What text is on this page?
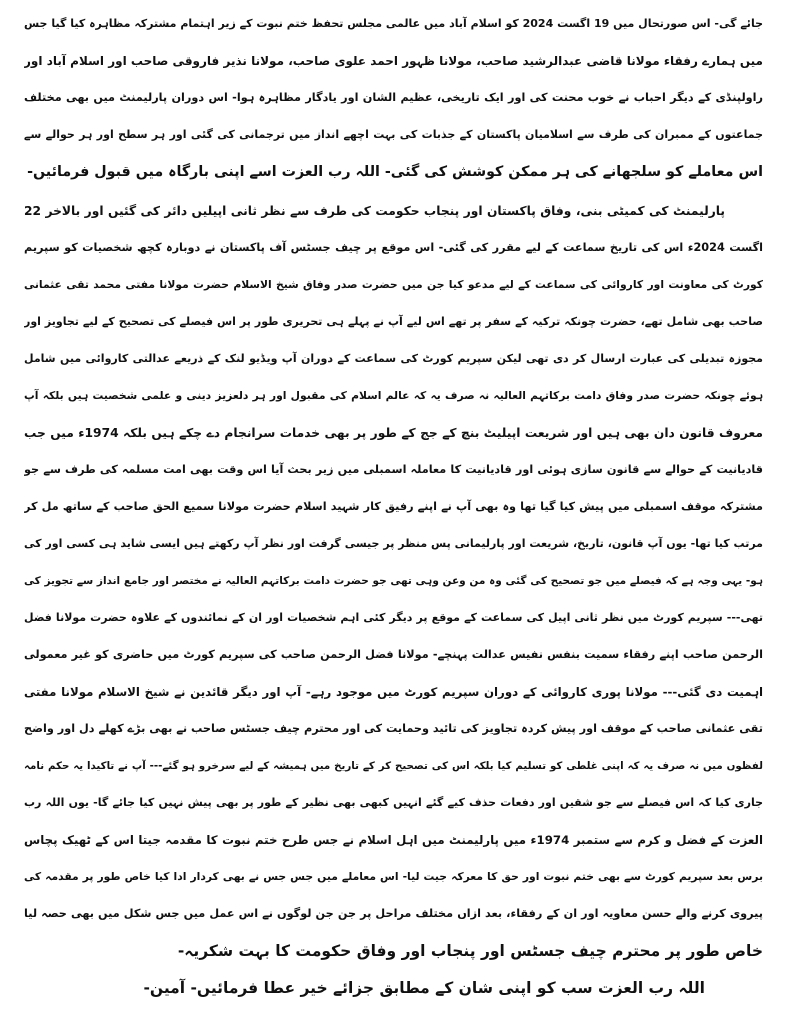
جائے گی- اس صورتحال میں 19 اگست 2024 کو اسلام آباد میں عالمی مجلس تحفظ ختم نبوت کے زیر اہتمام مشترکہ مظاہرہ کیا گیا جس
میں ہمارے رفقاء مولانا قاضی عبدالرشید صاحب، مولانا ظہور احمد علوی صاحب، مولانا نذیر فاروقی صاحب اور اسلام آباد اور
راولپنڈی کے دیگر احباب نے خوب محنت کی اور ایک تاریخی، عظیم الشان اور یادگار مظاہرہ ہوا- اس دوران پارلیمنٹ میں بھی مختلف
جماعتوں کے ممبران کی طرف سے اسلامیان پاکستان کے جذبات کی بہت اچھے انداز میں ترجمانی کی گئی اور ہر سطح اور ہر حوالے سے
اس معاملے کو سلجھانے کی ہر ممکن کوشش کی گئی- اللہ رب العزت اسے اپنی بارگاہ میں قبول فرمائیں-
پارلیمنٹ کی کمیٹی بنی، وفاق پاکستان اور پنجاب حکومت کی طرف سے نظر ثانی اپیلیں دائر کی گئیں اور بالاخر 22
اگست 2024ء اس کی تاریخ سماعت کے لیے مقرر کی گئی- اس موقع پر چیف جسٹس آف پاکستان نے دوبارہ کچھ شخصیات کو سپریم
کورٹ کی معاونت اور کاروائی کی سماعت کے لیے مدعو کیا جن میں حضرت صدر وفاق شیخ الاسلام حضرت مولانا مفتی محمد تقی عثمانی
صاحب بھی شامل تھے، حضرت چونکہ ترکیہ کے سفر پر تھے اس لیے آپ نے پہلے ہی تحریری طور پر اس فیصلے کی تصحیح کے لیے تجاویز اور
مجوزہ تبدیلی کی عبارت ارسال کر دی تھی لیکن سپریم کورٹ کی سماعت کے دوران آپ ویڈیو لنک کے ذریعے عدالتی کاروائی میں شامل
ہوئے چونکہ حضرت صدر وفاق دامت برکاتہم العالیہ نہ صرف یہ کہ عالم اسلام کی مقبول اور ہر دلعزیز دینی و علمی شخصیت ہیں بلکہ آپ
معروف قانون دان بھی ہیں اور شریعت اپیلیٹ بنچ کے جج کے طور پر بھی خدمات سرانجام دے چکے ہیں بلکہ 1974ء میں جب
قادیانیت کے حوالے سے قانون سازی ہوئی اور قادیانیت کا معاملہ اسمبلی میں زیر بحث آیا اس وقت بھی امت مسلمہ کی طرف سے جو
مشترکہ موقف اسمبلی میں پیش کیا گیا تھا وہ بھی آپ نے اپنے رفیق کار شہید اسلام حضرت مولانا سمیع الحق صاحب کے ساتھ مل کر
مرتب کیا تھا- یوں آپ قانون، تاریخ، شریعت اور پارلیمانی پس منظر پر جیسی گرفت اور نظر آپ رکھتے ہیں ایسی شاید ہی کسی اور کی
ہو- یہی وجہ ہے کہ فیصلے میں جو تصحیح کی گئی وہ من وعن وہی تھی جو حضرت دامت برکاتہم العالیہ نے مختصر اور جامع انداز سے تجویز کی
تھی--- سپریم کورٹ میں نظر ثانی اپیل کی سماعت کے موقع پر دیگر کئی اہم شخصیات اور ان کے نمائندوں کے علاوہ حضرت مولانا فضل
الرحمن صاحب اپنے رفقاء سمیت بنفس نفیس عدالت پہنچے- مولانا فضل الرحمن صاحب کی سپریم کورٹ میں حاضری کو غیر معمولی
اہمیت دی گئی--- مولانا پوری کاروائی کے دوران سپریم کورٹ میں موجود رہے- آپ اور دیگر قائدین نے شیخ الاسلام مولانا مفتی
تقی عثمانی صاحب کے موقف اور پیش کردہ تجاویز کی تائید وحمایت کی اور محترم چیف جسٹس صاحب نے بھی بڑے کھلے دل اور واضح
لفظوں میں نہ صرف یہ کہ اپنی غلطی کو تسلیم کیا بلکہ اس کی تصحیح کر کے تاریخ میں ہمیشہ کے لیے سرخرو ہو گئے--- آپ نے تاکیدا یہ حکم نامہ
جاری کیا کہ اس فیصلے سے جو شقیں اور دفعات حذف کیے گئے انہیں کبھی بھی نظیر کے طور پر بھی پیش نہیں کیا جائے گا- یوں اللہ رب
العزت کے فضل و کرم سے ستمبر 1974ء میں پارلیمنٹ میں اہل اسلام نے جس طرح ختم نبوت کا مقدمہ جیتا اس کے ٹھیک پچاس
برس بعد سپریم کورٹ سے بھی ختم نبوت اور حق کا معرکہ جیت لیا- اس معاملے میں جس جس نے بھی کردار ادا کیا خاص طور پر مقدمہ کی
پیروی کرنے والے حسن معاویہ اور ان کے رفقاء، بعد ازاں مختلف مراحل پر جن جن لوگوں نے اس عمل میں جس شکل میں بھی حصہ لیا
خاص طور پر محترم چیف جسٹس اور پنجاب اور وفاق حکومت کا بہت شکریہ-
اللہ رب العزت سب کو اپنی شان کے مطابق جزائے خیر عطا فرمائیں- آمین-
